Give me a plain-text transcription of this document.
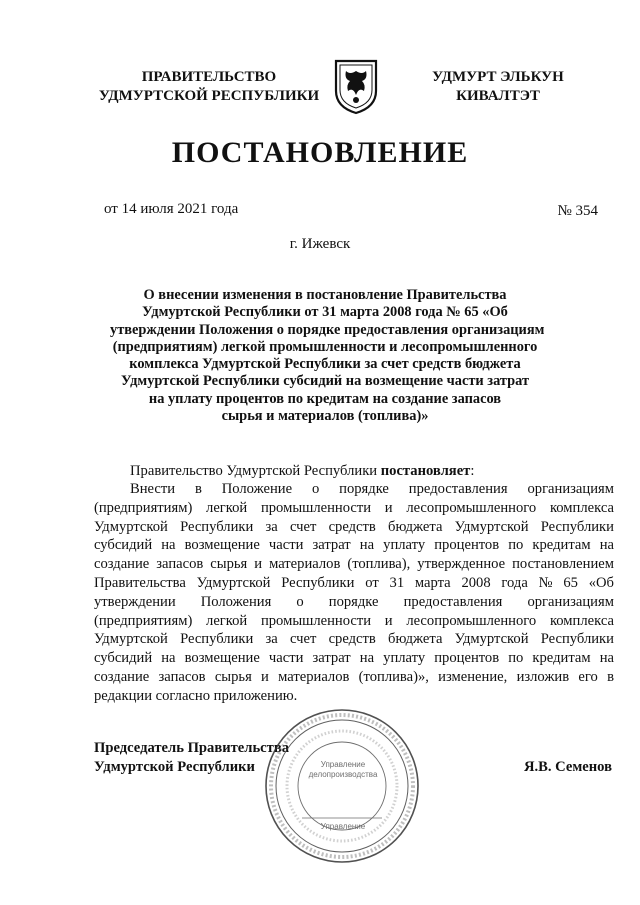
ПРАВИТЕЛЬСТВО
УДМУРТСКОЙ РЕСПУБЛИКИ
УДМУРТ ЭЛЬКУН
КИВАЛТЭТ
ПОСТАНОВЛЕНИЕ
от 14 июля 2021 года	№ 354
г. Ижевск
О внесении изменения в постановление Правительства
Удмуртской Республики от 31 марта 2008 года № 65 «Об
утверждении Положения о порядке предоставления организациям
(предприятиям) легкой промышленности и лесопромышленного
комплекса Удмуртской Республики за счет средств бюджета
Удмуртской Республики субсидий на возмещение части затрат
на уплату процентов по кредитам на создание запасов
сырья и материалов (топлива)»
Правительство Удмуртской Республики постановляет:
Внести в Положение о порядке предоставления организациям
(предприятиям) легкой промышленности и лесопромышленного комплекса
Удмуртской Республики за счет средств бюджета Удмуртской Республики
субсидий на возмещение части затрат на уплату процентов по кредитам на
создание запасов сырья и материалов (топлива), утвержденное постановлением
Правительства Удмуртской Республики от 31 марта 2008 года № 65 «Об
утверждении Положения о порядке предоставления организациям
(предприятиям) легкой промышленности и лесопромышленного комплекса
Удмуртской Республики за счет средств бюджета Удмуртской Республики
субсидий на возмещение части затрат на уплату процентов по кредитам на
создание запасов сырья и материалов (топлива)», изменение, изложив его в
редакции согласно приложению.
Председатель Правительства
Удмуртской Республики	Я.В. Семенов
Управление
делопроизводства
Управление
